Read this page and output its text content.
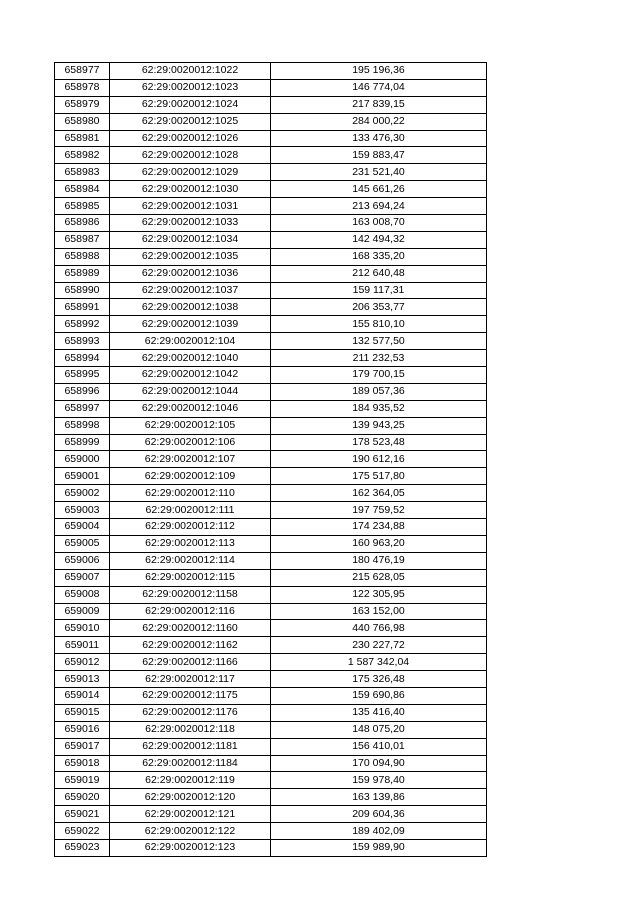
658977	62:29:0020012:1022	195 196,36
658978	62:29:0020012:1023	146 774,04
658979	62:29:0020012:1024	217 839,15
658980	62:29:0020012:1025	284 000,22
658981	62:29:0020012:1026	133 476,30
658982	62:29:0020012:1028	159 883,47
658983	62:29:0020012:1029	231 521,40
658984	62:29:0020012:1030	145 661,26
658985	62:29:0020012:1031	213 694,24
658986	62:29:0020012:1033	163 008,70
658987	62:29:0020012:1034	142 494,32
658988	62:29:0020012:1035	168 335,20
658989	62:29:0020012:1036	212 640,48
658990	62:29:0020012:1037	159 117,31
658991	62:29:0020012:1038	206 353,77
658992	62:29:0020012:1039	155 810,10
658993	62:29:0020012:104	132 577,50
658994	62:29:0020012:1040	211 232,53
658995	62:29:0020012:1042	179 700,15
658996	62:29:0020012:1044	189 057,36
658997	62:29:0020012:1046	184 935,52
658998	62:29:0020012:105	139 943,25
658999	62:29:0020012:106	178 523,48
659000	62:29:0020012:107	190 612,16
659001	62:29:0020012:109	175 517,80
659002	62:29:0020012:110	162 364,05
659003	62:29:0020012:111	197 759,52
659004	62:29:0020012:112	174 234,88
659005	62:29:0020012:113	160 963,20
659006	62:29:0020012:114	180 476,19
659007	62:29:0020012:115	215 628,05
659008	62:29:0020012:1158	122 305,95
659009	62:29:0020012:116	163 152,00
659010	62:29:0020012:1160	440 766,98
659011	62:29:0020012:1162	230 227,72
659012	62:29:0020012:1166	1 587 342,04
659013	62:29:0020012:117	175 326,48
659014	62:29:0020012:1175	159 690,86
659015	62:29:0020012:1176	135 416,40
659016	62:29:0020012:118	148 075,20
659017	62:29:0020012:1181	156 410,01
659018	62:29:0020012:1184	170 094,90
659019	62:29:0020012:119	159 978,40
659020	62:29:0020012:120	163 139,86
659021	62:29:0020012:121	209 604,36
659022	62:29:0020012:122	189 402,09
659023	62:29:0020012:123	159 989,90
